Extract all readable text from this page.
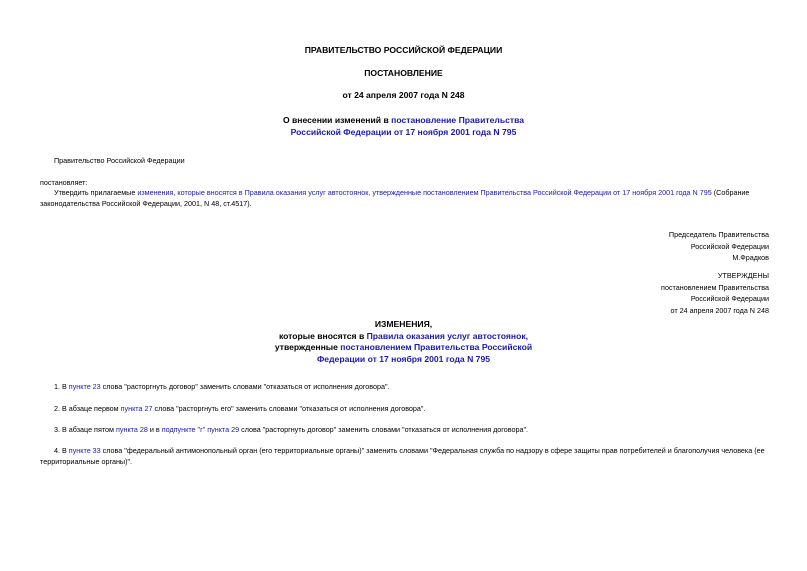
ПРАВИТЕЛЬСТВО РОССИЙСКОЙ ФЕДЕРАЦИИ
ПОСТАНОВЛЕНИЕ
от 24 апреля 2007 года N 248
О внесении изменений в постановление Правительства
Российской Федерации от 17 ноября 2001 года N 795
Правительство Российской Федерации
постановляет:
Утвердить прилагаемые изменения, которые вносятся в Правила оказания услуг автостоянок, утвержденные постановлением Правительства Российской Федерации от 17 ноября 2001 года N 795 (Собрание законодательства Российской Федерации, 2001, N 48, ст.4517).
Председатель Правительства
Российской Федерации
М.Фрадков
УТВЕРЖДЕНЫ
постановлением Правительства
Российской Федерации
от 24 апреля 2007 года N 248
ИЗМЕНЕНИЯ,
которые вносятся в Правила оказания услуг автостоянок,
утвержденные постановлением Правительства Российской
Федерации от 17 ноября 2001 года N 795
1. В пункте 23 слова "расторгнуть договор" заменить словами "отказаться от исполнения договора".
2. В абзаце первом пункта 27 слова "расторгнуть его" заменить словами "отказаться от исполнения договора".
3. В абзаце пятом пункта 28 и в подпункте "г" пункта 29 слова "расторгнуть договор" заменить словами "отказаться от исполнения договора".
4. В пункте 33 слова "федеральный антимонопольный орган (его территориальные органы)" заменить словами "Федеральная служба по надзору в сфере защиты прав потребителей и благополучия человека (ее территориальные органы)".
